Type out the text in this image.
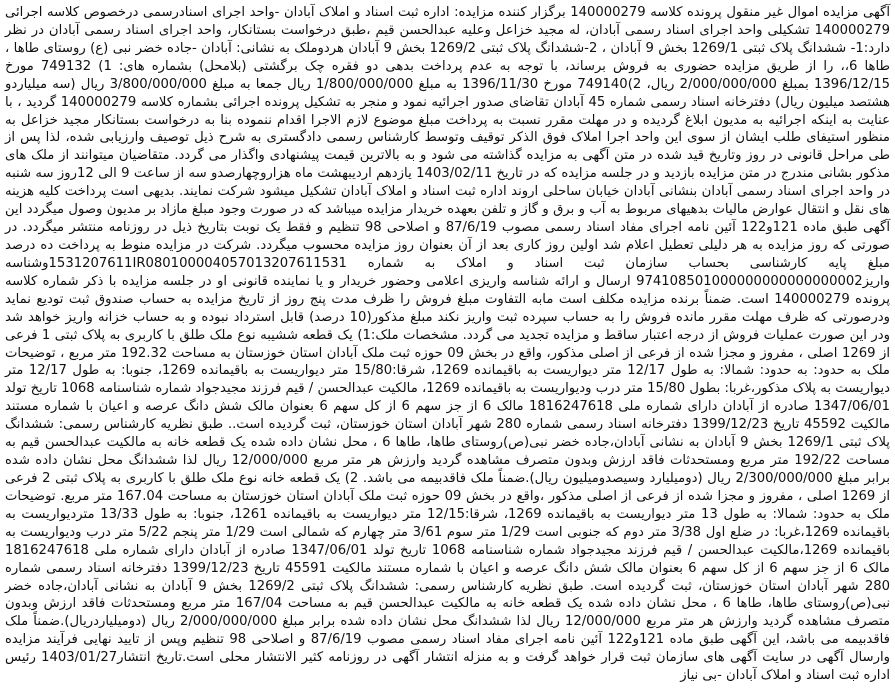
آگهی مزایده اموال غیر منقول پرونده کلاسه 140000279 برگزار کننده مزایده: اداره ثبت اسناد و املاک آبادان -واحد اجرای اسنادرسمی درخصوص کلاسه اجرائی 140000279 تشکیلی واحد اجرای اسناد رسمی آبادان، له مجید خزاعل وعلیه عبدالحسن قیم ،طبق درخواست بستانکار، واحد اجرای اسناد رسمی آبادان در نظر دارد:1- ششدانگ پلاک ثبتی 1269/1 بخش 9 آبادان ، 2-ششدانگ پلاک ثبتی 1269/2 بخش 9 آبادان هردوملک به نشانی: آبادان -جاده خضر نبی (ع) روستای طاها ، طاها 6،، را از طریق مزایده حضوری به فروش برساند، با توجه به عدم پرداخت بدهی دو فقره چک برگشتی (بلامحل) بشماره های: 1) 749132 مورخ 1396/12/15 بمبلغ 2/000/000/000 ریال، 2)749140 مورخ 1396/11/30 به مبلغ 1/800/000/000 ریال جمعا به مبلغ 3/800/000/000 ریال (سه میلیاردو هشتصد میلیون ریال) دفترخانه اسناد رسمی شماره 45 آبادان تقاضای صدور اجرائیه نمود و منجر به تشکیل پرونده اجرائی بشماره کلاسه 140000279 گردید ، با عنایت به اینکه اجرائیه به مدیون ابلاغ گردیده و در مهلت مقرر نسبت به پرداخت مبلغ موضوع لازم الاجرا اقدام ننموده بنا به درخواست بستانکار مجید خزاعل به منظور استیفای طلب ایشان از سوی این واحد اجرا املاک فوق الذکر توقیف وتوسط کارشناس رسمی دادگستری به شرح ذیل توصیف وارزیابی شده، لذا پس از طی مراحل قانونی در روز وتاریخ قید شده در متن آگهی به مزایده گذاشته می شود و به بالاترین قیمت پیشنهادی واگذار می گردد. متقاضیان میتوانند از ملک های مذکور بشانی مندرج در متن مزایده بازدید و در جلسه مزایده که در تاریخ 1403/02/11 یازدهم اردیبهشت ماه هزاروچهارصدو سه از ساعت 9 الی 12روز سه شنبه در واحد اجرای اسناد رسمی آبادان بنشانی آبادان خیابان ساحلی اروند اداره ثبت اسناد و املاک آبادان تشکیل میشود شرکت نمایند. بدیهی است پرداخت کلیه هزینه های نقل و انتقال عوارض مالیات بدهیهای مربوط به آب و برق و گاز و تلفن بعهده خریدار مزایده میباشد که در صورت وجود مبلغ مازاد بر مدیون وصول میگردد این آگهی طبق ماده 121و122 آئین نامه اجرای مفاد اسناد رسمی مصوب 87/6/19 و اصلاحی 98 تنظیم و فقط یک نوبت بتاریخ ذیل در روزنامه منتشر میگردد. در صورتی که روز مزایده به هر دلیلی تعطیل اعلام شد اولین روز کاری بعد از آن بعنوان روز مزایده محسوب میگردد. شرکت در مزایده منوط به پرداخت ده درصد مبلغ پایه کارشناسی بحساب سازمان ثبت اسناد و املاک به شماره 1531207611IR080100004057013207611531وشناسه واریز974108501000000000000000002 ارسال و ارائه شناسه واریزی اعلامی وحضور خریدار و یا نماینده قانونی او در جلسه مزایده با ذکر شماره کلاسه پرونده 140000279 است. ضمناً برنده مزایده مکلف است مابه التفاوت مبلغ فروش را ظرف مدت پنج روز از تاریخ مزایده به حساب صندوق ثبت تودیع نماید ودرصورتی که ظرف مهلت مقرر مانده فروش را به حساب سپرده ثبت واریز نکند مبلغ مذکور(10 درصد) قابل استرداد نبوده و به حساب خزانه واریز خواهد شد ودر این صورت عملیات فروش از درجه اعتبار ساقط و مزایده تجدید می گردد. مشخصات ملک:1) یک قطعه ششیبه نوع ملک طلق با کاربری به پلاک ثبتی 1 فرعی از 1269 اصلی ، مفروز و مجزا شده از فرعی از اصلی مذکور، واقع در بخش 09 حوزه ثبت ملک آبادان استان خوزستان به مساحت 192.32 متر مربع ، توضیحات ملک به حدود: به حدود: شمالا: به طول 12/17 متر دیواریست به باقیمانده 1269، شرقا:15/80 متر دیواریست به باقیمانده 1269، جنوبا: به طول 12/17 متر دیواریست به پلاک مذکور،غربا: بطول 15/80 متر درب ودیواریست به باقیمانده 1269، مالکیت عبدالحسن / قیم فرزند مجیدجواد شماره شناسنامه 1068 تاریخ تولد 1347/06/01 صادره از آبادان دارای شماره ملی 1816247618 مالک 6 از جز سهم 6 از کل سهم 6 بعنوان مالک شش دانگ عرصه و اعیان با شماره مستند مالکیت 45592 تاریخ 1399/12/23 دفترخانه اسناد رسمی شماره 280 شهر آبادان استان خوزستان، ثبت گردیده است.. طبق نظریه کارشناس رسمی: ششدانگ پلاک ثبتی 1269/1 بخش 9 آبادان به نشانی آبادان،جاده خضر نبی(ص)روستای طاها، طاها 6 ، محل نشان داده شده یک قطعه خانه به مالکیت عبدالحسن قیم به مساحت 192/22 متر مربع ومستحدثات فاقد ارزش وبدون متصرف مشاهده گردید وارزش هر متر مربع 12/000/000 ریال لذا ششدانگ محل نشان داده شده برابر مبلغ 2/300/000/000 ریال (دومیلیارد وسیصدومیلیون ریال).ضمناً ملک فاقدبیمه می باشد. 2) یک قطعه خانه نوع ملک طلق با کاربری به پلاک ثبتی 2 فرعی از 1269 اصلی ، مفروز و مجزا شده از فرعی از اصلی مذکور ،واقع در بخش 09 حوزه ثبت ملک آبادان استان خوزستان به مساحت 167.04 متر مربع. توضیحات ملک به حدود: شمالا: به طول 13 متر دیواریست به باقیمانده 1269، شرقا:12/15 متر دیواریست به باقیمانده 1261، جنوبا: به طول 13/33 متردیواریست به باقیمانده 1269،غربا: در ضلع اول 3/38 متر دوم که جنوبی است 1/29 متر سوم 3/61 متر چهارم که شمالی است 1/29 متر پنجم 5/22 متر درب ودیواریست به باقیمانده 1269،مالکیت عبدالحسن / قیم فرزند مجیدجواد شماره شناسنامه 1068 تاریخ تولد 1347/06/01 صادره از آبادان دارای شماره ملی 1816247618 مالک 6 از جز سهم 6 از کل سهم 6 بعنوان مالک شش دانگ عرصه و اعیان با شماره مستند مالکیت 45591 تاریخ 1399/12/23 دفترخانه اسناد رسمی شماره 280 شهر آبادان استان خوزستان، ثبت گردیده است. طبق نظریه کارشناس رسمی: ششدانگ پلاک ثبتی 1269/2 بخش 9 آبادان به نشانی آبادان،جاده خضر نبی(ص)روستای طاها، طاها 6 ، محل نشان داده شده یک قطعه خانه به مالکیت عبدالحسن قیم به مساحت 167/04 متر مربع ومستحدثات فاقد ارزش وبدون متصرف مشاهده گردید وارزش هر متر مربع 12/000/000 ریال لذا ششدانگ محل نشان داده شده برابر مبلغ 2/000/000/000 ریال (دومیلیاردریال).ضمناً ملک فاقدبیمه می باشد، این آگهی طبق ماده 121و122 آئین نامه اجرای مفاد اسناد رسمی مصوب 87/6/19 و اصلاحی 98 تنظیم وپس از تایید نهایی فرآیند مزایده وارسال آگهی در سایت آگهی های سازمان ثبت قرار خواهد گرفت و به منزله انتشار آگهی در روزنامه کثیر الانتشار محلی است.تاریخ انتشار1403/01/27 رئیس اداره ثبت اسناد و املاک آبادان -بی نیاز
